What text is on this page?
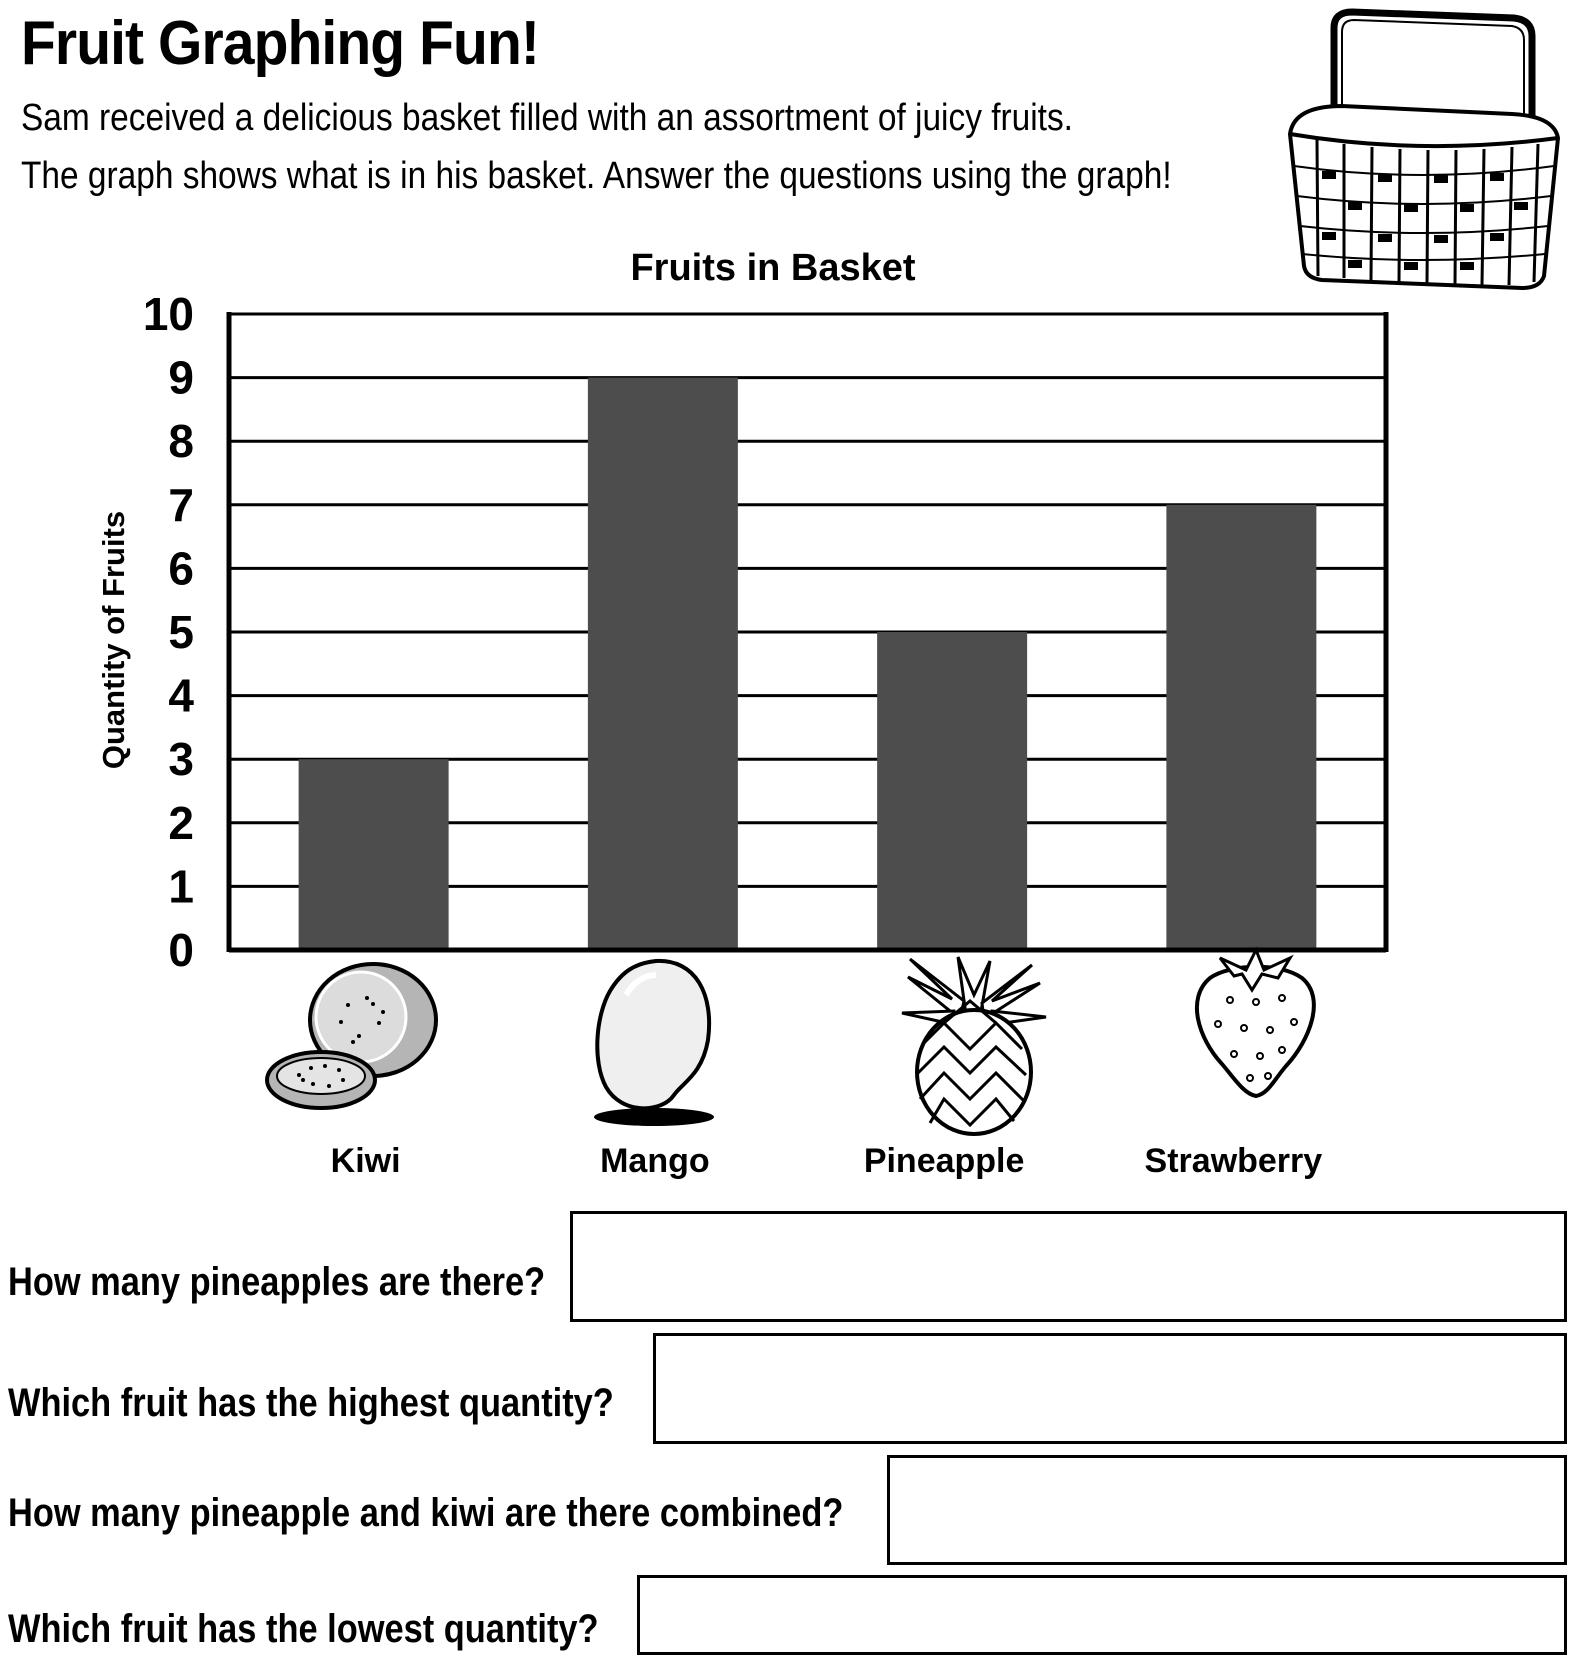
Fruit Graphing Fun!
Sam received a delicious basket filled with an assortment of juicy fruits.
The graph shows what is in his basket. Answer the questions using the graph!
Fruits in Basket
Quantity of Fruits
0
1
2
3
4
5
6
7
8
9
10
Kiwi	Mango	Pineapple	Strawberry
How many pineapples are there?
Which fruit has the highest quantity?
How many pineapple and kiwi are there combined?
Which fruit has the lowest quantity?
